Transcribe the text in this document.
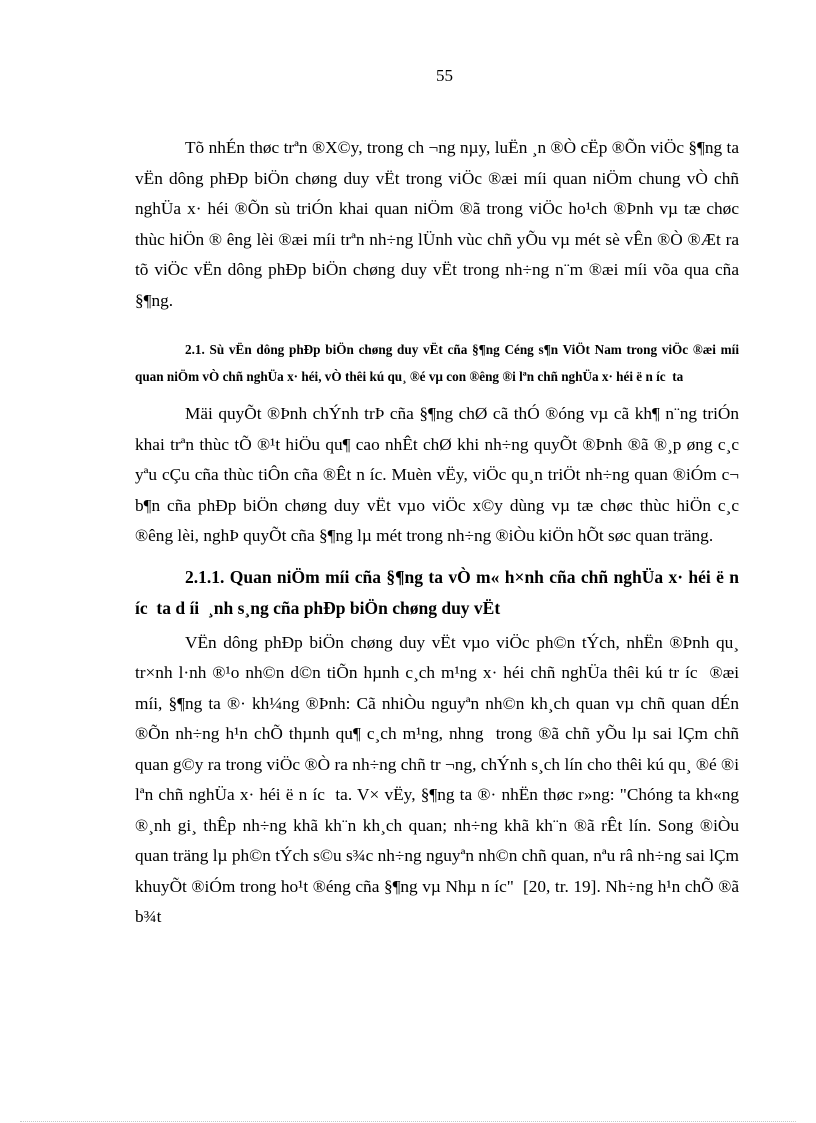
55

Tõ nhÉn thøc trªn ®X©y, trong ch ¬ng nµy, luËn ¸n ®Ò cËp ®Õn viÖc §¶ng ta vËn dông phÐp biÖn chøng duy vËt trong viÖc ®æi míi quan niÖm chung vÒ chñ nghÜa x· héi ®Õn sù triÓn khai quan niÖm ®ã trong viÖc ho¹ch ®Þnh vµ tæ chøc thùc hiÖn ® êng lèi ®æi míi trªn nh÷ng lÜnh vùc chñ yÕu vµ mét sè vÊn ®Ò ®Æt ra tõ viÖc vËn dông phÐp biÖn chøng duy vËt trong nh÷ng n¨m ®æi míi võa qua cña §¶ng.

2.1. Sù vËn dông phÐp biÖn chøng duy vËt cña §¶ng Céng s¶n ViÖt Nam trong viÖc ®æi míi quan niÖm vÒ chñ nghÜa x· héi, vÒ thêi kú qu¸ ®é vµ con ®êng ®i lªn chñ nghÜa x· héi ë n íc  ta

Mäi quyÕt ®Þnh chÝnh trÞ cña §¶ng chØ cã thÓ ®óng vµ cã kh¶ n¨ng triÓn khai trªn thùc tÕ ®¹t hiÖu qu¶ cao nhÊt chØ khi nh÷ng quyÕt ®Þnh ®ã ®¸p øng c¸c yªu cÇu cña thùc tiÔn cña ®Êt n íc. Muèn vËy, viÖc qu¸n triÖt nh÷ng quan ®iÓm c¬ b¶n cña phÐp biÖn chøng duy vËt vµo viÖc x©y dùng vµ tæ chøc thùc hiÖn c¸c ®êng lèi, nghÞ quyÕt cña §¶ng lµ mét trong nh÷ng ®iÒu kiÖn hÕt søc quan träng.

2.1.1. Quan niÖm míi cña §¶ng ta vÒ m« h×nh cña chñ nghÜa x· héi ë n íc  ta d íi  ¸nh s¸ng cña phÐp biÖn chøng duy vËt

VËn dông phÐp biÖn chøng duy vËt vµo viÖc ph©n tÝch, nhËn ®Þnh qu¸ tr×nh l·nh ®¹o nh©n d©n tiÕn hµnh c¸ch m¹ng x· héi chñ nghÜa thêi kú tr íc  ®æi míi, §¶ng ta ®· kh¼ng ®Þnh: Cã nhiÒu nguyªn nh©n kh¸ch quan vµ chñ quan dÉn ®Õn nh÷ng h¹n chÕ thµnh qu¶ c¸ch m¹ng, nhng  trong ®ã chñ yÕu lµ sai lÇm chñ quan g©y ra trong viÖc ®Ò ra nh÷ng chñ tr ¬ng, chÝnh s¸ch lín cho thêi kú qu¸ ®é ®i lªn chñ nghÜa x· héi ë n íc  ta. V× vËy, §¶ng ta ®· nhËn thøc r»ng: "Chóng ta kh«ng ®¸nh gi¸ thÊp nh÷ng khã kh¨n kh¸ch quan; nh÷ng khã kh¨n ®ã rÊt lín. Song ®iÒu quan träng lµ ph©n tÝch s©u s¾c nh÷ng nguyªn nh©n chñ quan, nªu râ nh÷ng sai lÇm khuyÕt ®iÓm trong ho¹t ®éng cña §¶ng vµ Nhµ n íc"  [20, tr. 19]. Nh÷ng h¹n chÕ ®ã b¾t
